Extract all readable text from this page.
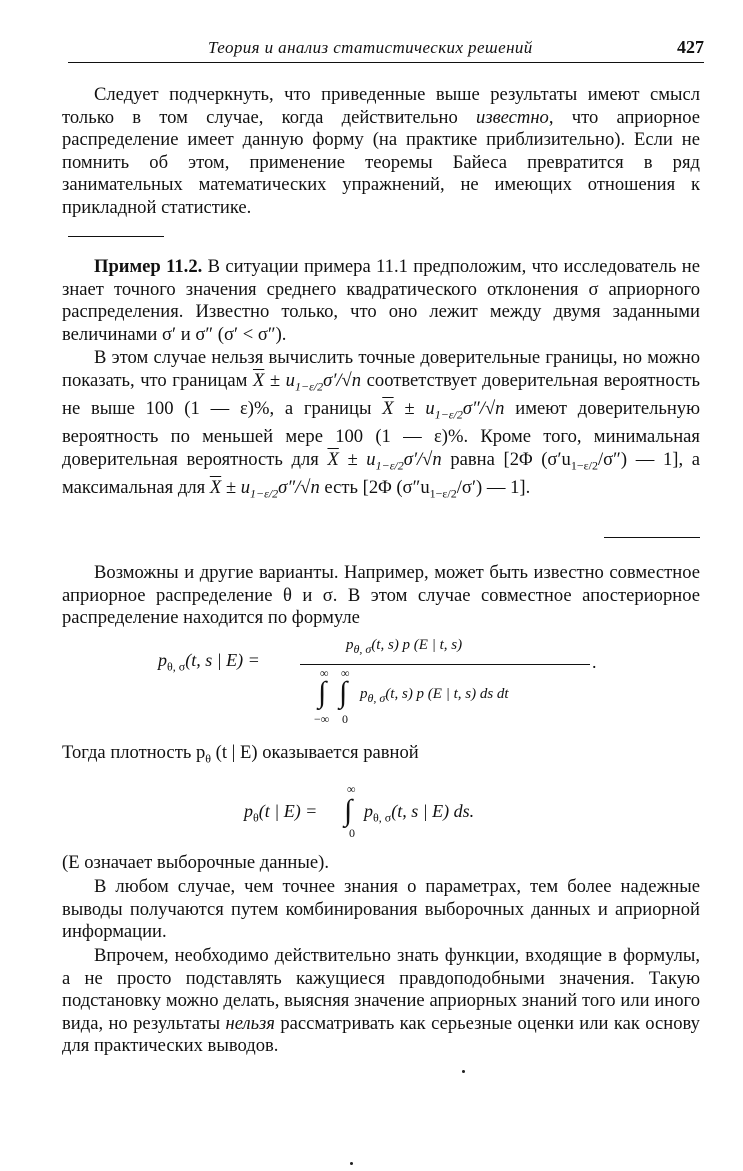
Теория и анализ статистических решений	427

Следует подчеркнуть, что приведенные выше результаты имеют смысл только в том случае, когда действительно известно, что априорное распределение имеет данную форму (на практике приблизительно). Если не помнить об этом, применение теоремы Байеса превратится в ряд занимательных математических упражнений, не имеющих отношения к прикладной статистике.

Пример 11.2. В ситуации примера 11.1 предположим, что исследователь не знает точного значения среднего квадратического отклонения σ априорного распределения. Известно только, что оно лежит между двумя заданными величинами σ′ и σ″ (σ′ < σ″).

В этом случае нельзя вычислить точные доверительные границы, но можно показать, что границам $\overline{X} \pm u_{1-\varepsilon/2}\sigma'/√n$ соответствует доверительная вероятность не выше 100 (1 — ε)%, а границы $\overline{X} \pm u_{1-\varepsilon/2}\sigma''/√n$ имеют доверительную вероятность по меньшей мере 100 (1 — ε)%. Кроме того, минимальная доверительная вероятность для $\overline{X} \pm u_{1-\varepsilon/2}\sigma'/√n$ равна [2Φ $(\sigma'u_{1-\varepsilon/2}/\sigma'')$ — 1], а максимальная для $\overline{X} \pm u_{1-\varepsilon/2}\sigma''/√n$ есть [2Φ $(\sigma''u_{1-\varepsilon/2}/\sigma')$ — 1].

Возможны и другие варианты. Например, может быть известно совместное априорное распределение θ и σ. В этом случае совместное апостериорное распределение находится по формуле

$p_{\theta, \sigma}(t$, s | E) =
$p_{\theta, \sigma}(t$, s) p (E | t, s)
.
∞ ∞
∫ ∫
−∞ 0
$p_{\theta, \sigma}(t$, s) p (E | t, s) ds dt

Тогда плотность $p_\theta$ (t | E) оказывается равной

∞
$p_\theta(t$ | E) = ∫
0
$p_{\theta, \sigma}(t$, s | E) ds.

(E означает выборочные данные).

В любом случае, чем точнее знания о параметрах, тем более надежные выводы получаются путем комбинирования выборочных данных и априорной информации.

Впрочем, необходимо действительно знать функции, входящие в формулы, а не просто подставлять кажущиеся правдоподобными значения. Такую подстановку можно делать, выясняя значение априорных знаний того или иного вида, но результаты нельзя рассматривать как серьезные оценки или как основу для практических выводов.
